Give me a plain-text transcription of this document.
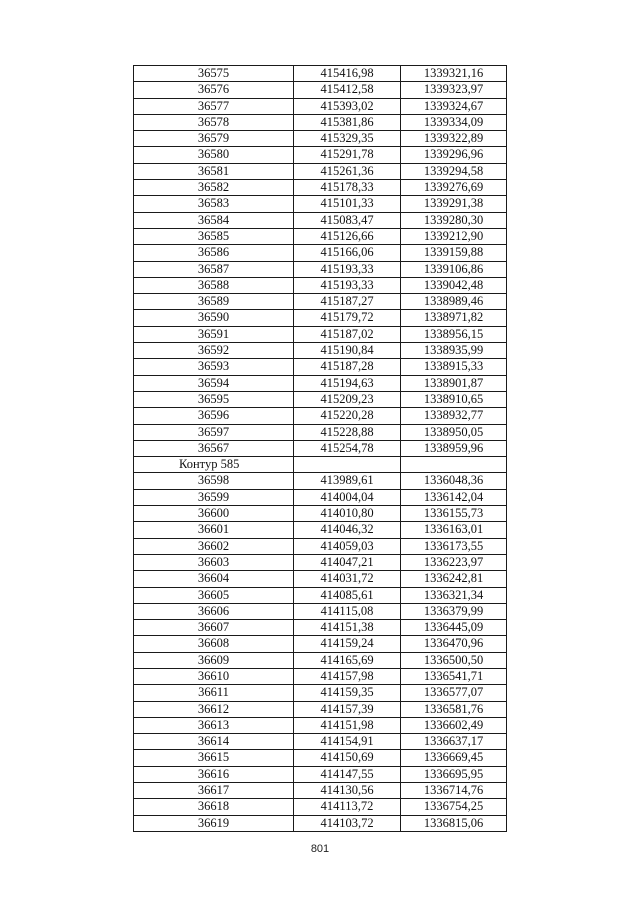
36575	415416,98	1339321,16
36576	415412,58	1339323,97
36577	415393,02	1339324,67
36578	415381,86	1339334,09
36579	415329,35	1339322,89
36580	415291,78	1339296,96
36581	415261,36	1339294,58
36582	415178,33	1339276,69
36583	415101,33	1339291,38
36584	415083,47	1339280,30
36585	415126,66	1339212,90
36586	415166,06	1339159,88
36587	415193,33	1339106,86
36588	415193,33	1339042,48
36589	415187,27	1338989,46
36590	415179,72	1338971,82
36591	415187,02	1338956,15
36592	415190,84	1338935,99
36593	415187,28	1338915,33
36594	415194,63	1338901,87
36595	415209,23	1338910,65
36596	415220,28	1338932,77
36597	415228,88	1338950,05
36567	415254,78	1338959,96
Контур 585		
36598	413989,61	1336048,36
36599	414004,04	1336142,04
36600	414010,80	1336155,73
36601	414046,32	1336163,01
36602	414059,03	1336173,55
36603	414047,21	1336223,97
36604	414031,72	1336242,81
36605	414085,61	1336321,34
36606	414115,08	1336379,99
36607	414151,38	1336445,09
36608	414159,24	1336470,96
36609	414165,69	1336500,50
36610	414157,98	1336541,71
36611	414159,35	1336577,07
36612	414157,39	1336581,76
36613	414151,98	1336602,49
36614	414154,91	1336637,17
36615	414150,69	1336669,45
36616	414147,55	1336695,95
36617	414130,56	1336714,76
36618	414113,72	1336754,25
36619	414103,72	1336815,06
801
